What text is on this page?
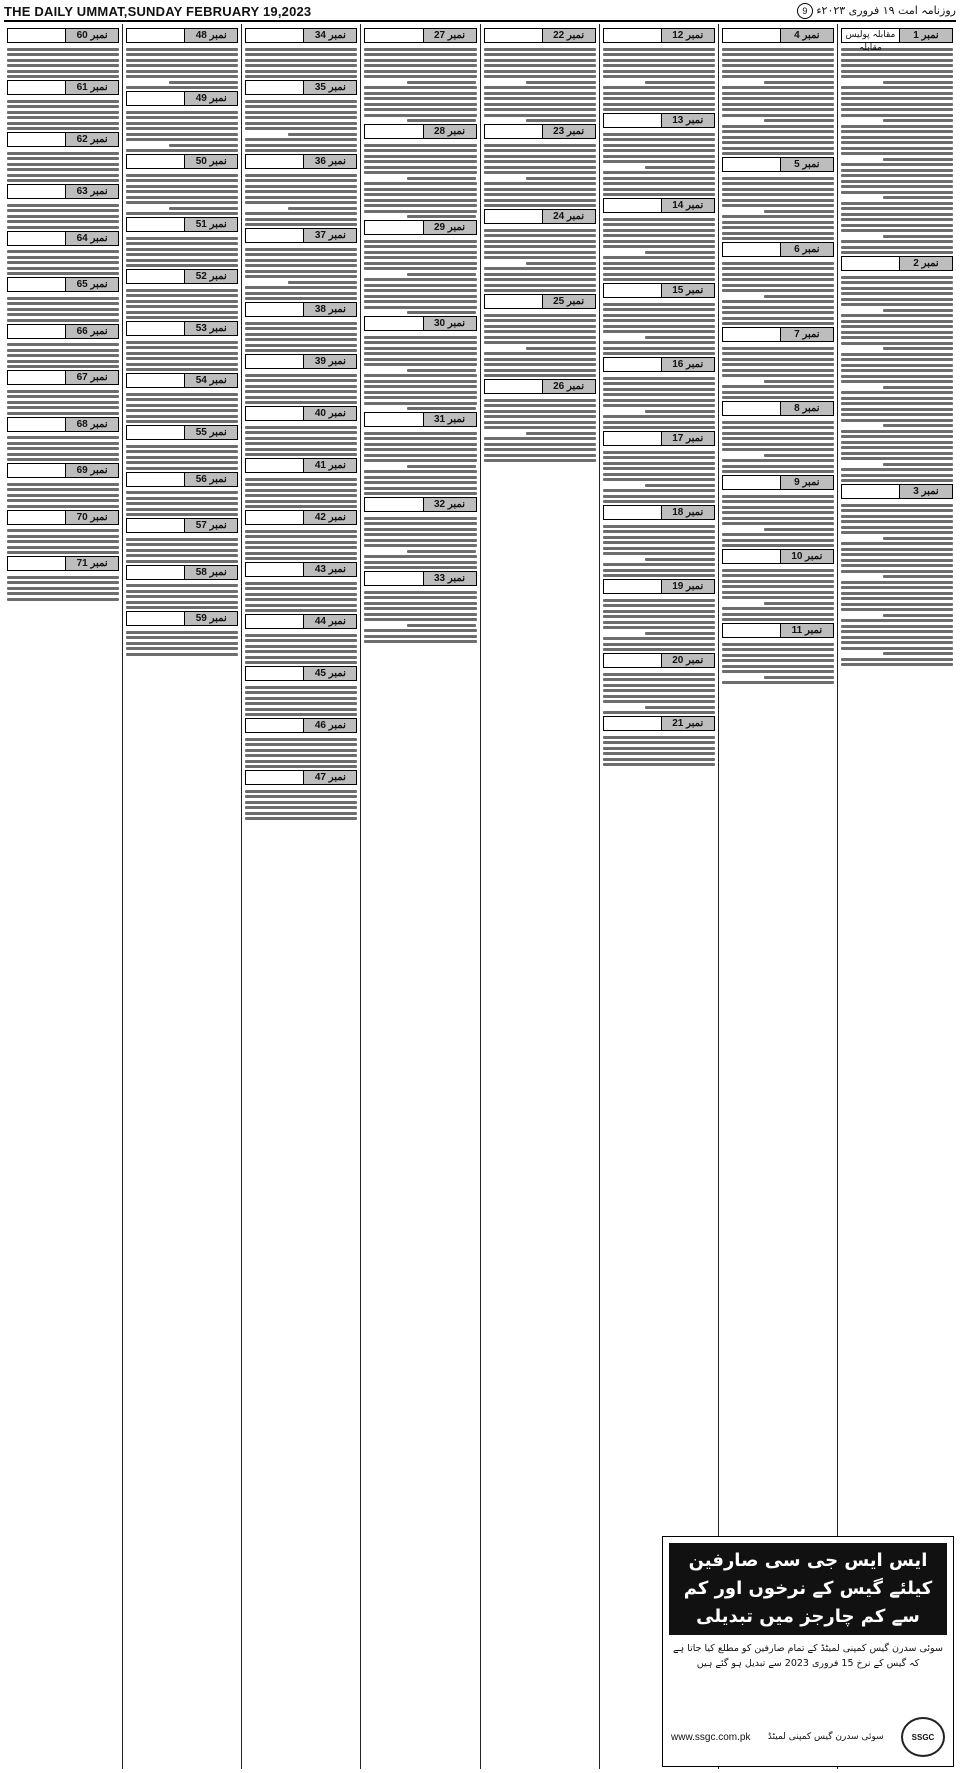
THE DAILY UMMAT,SUNDAY FEBRUARY 19,2023	روزنامہ امت ۱۹ فروری ۲۰۲۳ء 9
نمبر 1
مقابلہ پولیس مقابلہ
نمبر 2
نمبر 3
نمبر 4
نمبر 5
نمبر 6
نمبر 7
نمبر 8
نمبر 9
نمبر 10
نمبر 11
نمبر 12
نمبر 13
نمبر 14
نمبر 15
نمبر 16
نمبر 17
نمبر 18
نمبر 19
نمبر 20
نمبر 21
نمبر 22
نمبر 23
نمبر 24
نمبر 25
نمبر 26
نمبر 27
نمبر 28
نمبر 29
نمبر 30
نمبر 31
نمبر 32
نمبر 33
نمبر 34
نمبر 35
نمبر 36
نمبر 37
نمبر 38
نمبر 39
نمبر 40
نمبر 41
نمبر 42
نمبر 43
نمبر 44
نمبر 45
نمبر 46
نمبر 47
نمبر 48
نمبر 49
نمبر 50
نمبر 51
نمبر 52
نمبر 53
نمبر 54
نمبر 55
نمبر 56
نمبر 57
نمبر 58
نمبر 59
نمبر 60
نمبر 61
نمبر 62
نمبر 63
نمبر 64
نمبر 65
نمبر 66
نمبر 67
نمبر 68
نمبر 69
نمبر 70
نمبر 71
ایس ایس جی سی صارفین کیلئے گیس کے نرخوں اور کم سے کم چارجز میں تبدیلی
سوئی سدرن گیس کمپنی لمیٹڈ کے تمام صارفین کو مطلع کیا جاتا ہے کہ گیس کے نرخ 15 فروری 2023 سے تبدیل ہو گئے ہیں
www.ssgc.com.pk سوئی سدرن گیس کمپنی لمیٹڈ	SSGC
